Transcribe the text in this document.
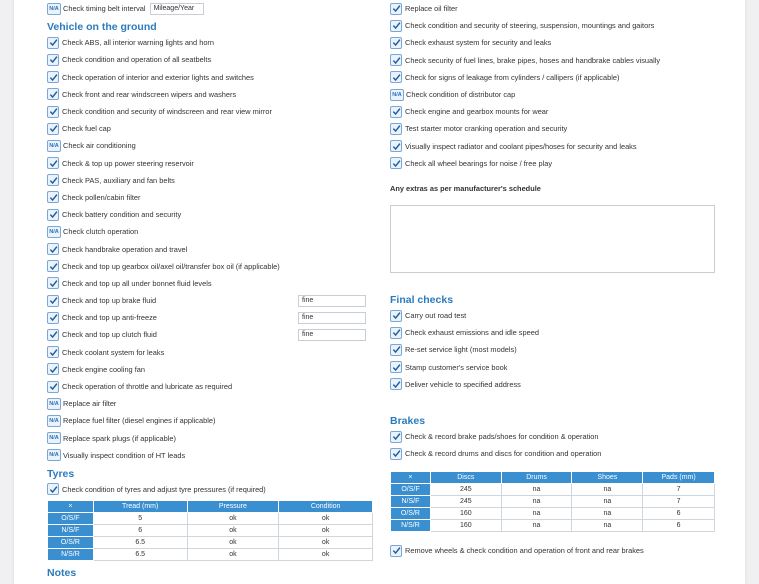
N/A Check timing belt interval	Mileage/Year
Vehicle on the ground
Check ABS, all interior warning lights and horn
Check condition and operation of all seatbelts
Check operation of interior and exterior lights and switches
Check front and rear windscreen wipers and washers
Check condition and security of windscreen and rear view mirror
Check fuel cap
N/A Check air conditioning
Check & top up power steering reservoir
Check PAS, auxiliary and fan belts
Check pollen/cabin filter
Check battery condition and security
N/A Check clutch operation
Check handbrake operation and travel
Check and top up gearbox oil/axel oil/transfer box oil (if applicable)
Check and top up all under bonnet fluid levels
Check and top up brake fluid	fine
Check and top up anti-freeze	fine
Check and top up clutch fluid	fine
Check coolant system for leaks
Check engine cooling fan
Check operation of throttle and lubricate as required
N/A Replace air filter
N/A Replace fuel filter (diesel engines if applicable)
N/A Replace spark plugs (if applicable)
N/A Visually inspect condition of HT leads
Tyres
Check condition of tyres and adjust tyre pressures (if required)
×	Tread (mm)	Pressure	Condition
O/S/F	5	ok	ok
N/S/F	6	ok	ok
O/S/R	6.5	ok	ok
N/S/R	6.5	ok	ok
Notes
Replace oil filter
Check condition and security of steering, suspension, mountings and gaitors
Check exhaust system for security and leaks
Check security of fuel lines, brake pipes, hoses and handbrake cables visually
Check for signs of leakage from cylinders / callipers (if applicable)
N/A Check condition of distributor cap
Check engine and gearbox mounts for wear
Test starter motor cranking operation and security
Visually inspect radiator and coolant pipes/hoses for security and leaks
Check all wheel bearings for noise / free play
Any extras as per manufacturer's schedule
Final checks
Carry out road test
Check exhaust emissions and idle speed
Re-set service light (most models)
Stamp customer's service book
Deliver vehicle to specified address
Brakes
Check & record brake pads/shoes for condition & operation
Check & record drums and discs for condition and operation
×	Discs	Drums	Shoes	Pads (mm)
O/S/F	245	na	na	7
N/S/F	245	na	na	7
O/S/R	160	na	na	6
N/S/R	160	na	na	6
Remove wheels & check condition and operation of front and rear brakes
